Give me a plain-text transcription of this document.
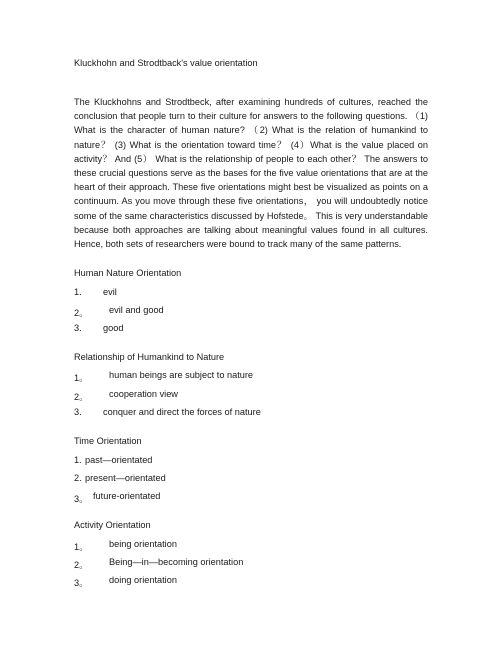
Kluckhohn and Strodtback's value orientation

The Kluckhohns and Strodtbeck, after examining hundreds of cultures, reached the conclusion that people turn to their culture for answers to the following questions. （1) What is the character of human nature? （2) What is the relation of humankind to nature？ (3) What is the orientation toward time？ (4）What is the value placed on activity？ And (5） What is the relationship of people to each other？ The answers to these crucial questions serve as the bases for the five value orientations that are at the heart of their approach. These five orientations might best be visualized as points on a continuum. As you move through these five orientations， you will undoubtedly notice some of the same characteristics discussed by Hofstede。 This is very understandable because both approaches are talking about meaningful values found in all cultures. Hence, both sets of researchers were bound to track many of the same patterns.

Human Nature Orientation
1. evil
2。 evil and good
3. good
Relationship of Humankind to Nature
1。 human beings are subject to nature
2。 cooperation view
3. conquer and direct the forces of nature
Time Orientation
1. past—orientated
2. present—orientated
3。 future-orientated
Activity Orientation
1。 being orientation
2。 Being—in—becoming orientation
3。 doing orientation
